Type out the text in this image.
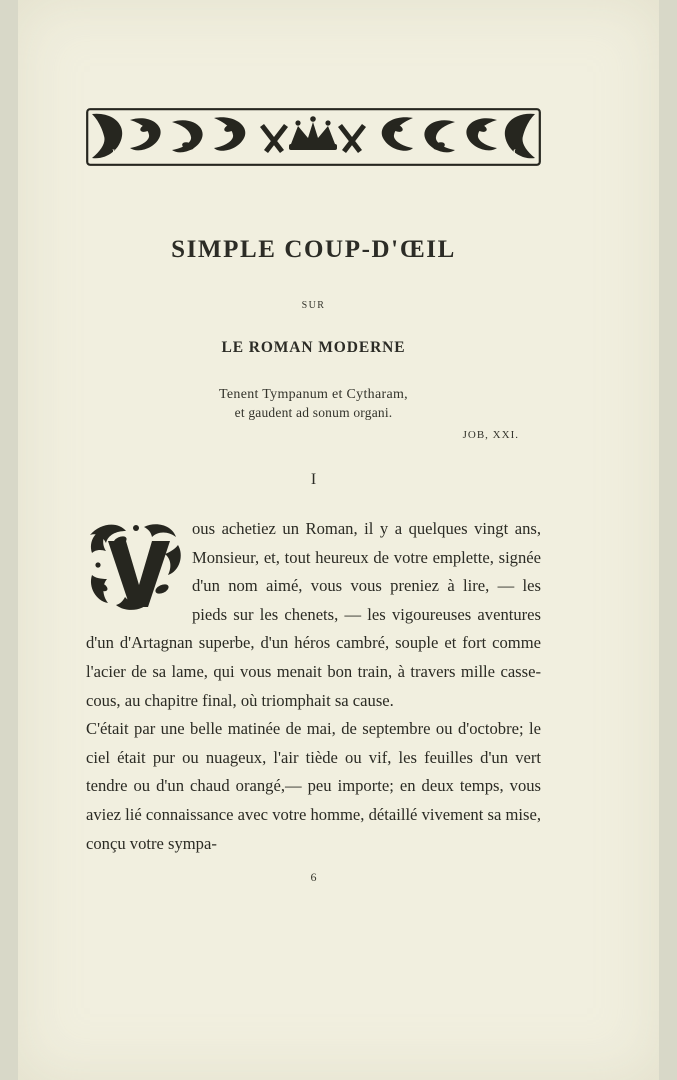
L	M
SIMPLE COUP-D'ŒIL
SUR
LE ROMAN MODERNE
Tenent Tympanum et Cytharam,
et gaudent ad sonum organi.
JOB, XXI.
I

ous achetiez un Roman, il y a quelques vingt ans, Monsieur, et, tout heureux de votre emplette, signée d'un nom aimé, vous vous preniez à lire, — les pieds sur les chenets, — les vigoureuses aventures d'un d'Artagnan superbe, d'un héros cambré, souple et fort comme l'acier de sa lame, qui vous menait bon train, à travers mille casse-cous, au chapitre final, où triomphait sa cause.

C'était par une belle matinée de mai, de septembre ou d'octobre; le ciel était pur ou nuageux, l'air tiède ou vif, les feuilles d'un vert tendre ou d'un chaud orangé,— peu importe; en deux temps, vous aviez lié connaissance avec votre homme, détaillé vivement sa mise, conçu votre sympa-

6
